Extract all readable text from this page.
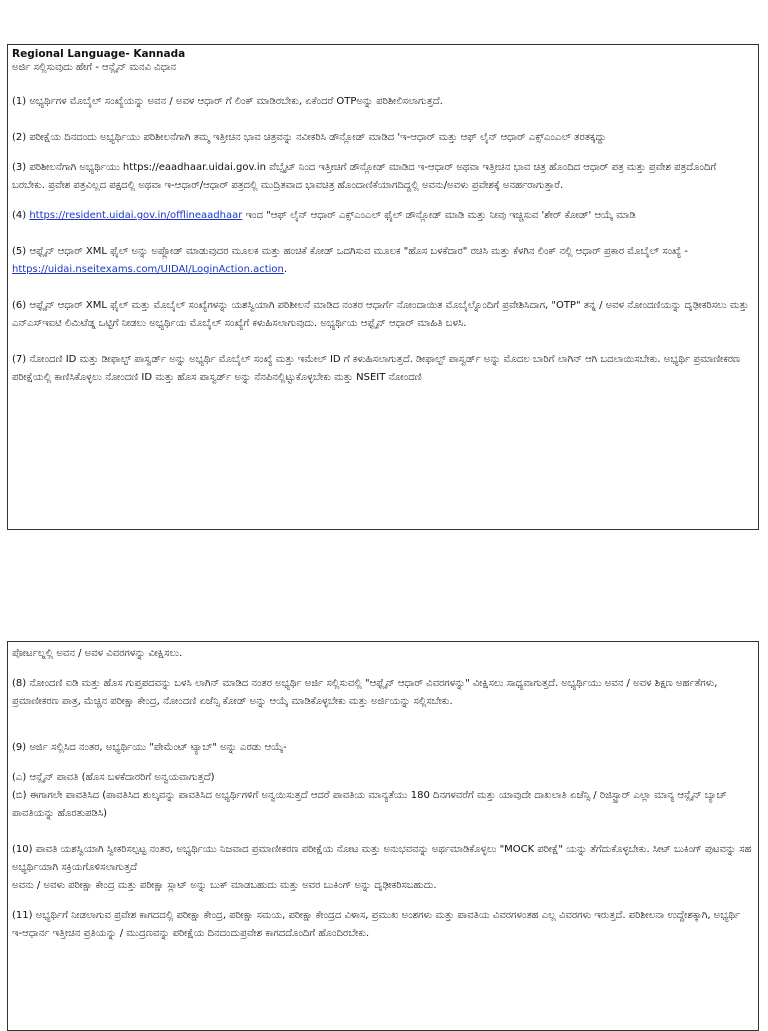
Regional Language- Kannada

ಅರ್ಜಿ ಸಲ್ಲಿಸುವುದು ಹೇಗೆ - ಆನ್ಲೈನ್ ಮನವಿ ವಿಧಾನ

(1) ಅಭ್ಯರ್ಥಿಗಳ ಮೊಬೈಲ್ ಸಂಖ್ಯೆಯನ್ನು ಅವನ / ಅವಳ ಆಧಾರ್ ಗೆ ಲಿಂಕ್ ಮಾಡಿರಬೇಕು, ಏಕೆಂದರೆ OTPಅನ್ನು ಪರಿಶೀಲಿಸಲಾಗುತ್ತದೆ.

(2) ಪರೀಕ್ಷೆಯ ದಿನದಂದು ಅಭ್ಯರ್ಥಿಯು ಪರಿಶೀಲನೆಗಾಗಿ ತಮ್ಮ ಇತ್ತೀಚಿನ ಭಾವ ಚಿತ್ರವನ್ನು ನವೀಕರಿಸಿ ಡೌನ್ಲೋಡ್ ಮಾಡಿದ 'ಇ-ಆಧಾರ್ ಮತ್ತು ಆಫ್ ಲೈನ್ ಆಧಾರ್ ಎಕ್ಸ್ಎಂಎಲ್ ತರತಕ್ಕದ್ದು

(3) ಪರಿಶೀಲನೆಗಾಗಿ ಅಭ್ಯರ್ಥಿಯು https://eaadhaar.uidai.gov.in ವೆಬ್ಸೈಟ್ ನಿಂದ ಇತ್ತೀಚಿಗೆ ಡೌನ್ಲೋಡ್ ಮಾಡಿದ ಇ-ಆಧಾರ್ ಅಥವಾ ಇತ್ತೀಚಿನ ಭಾವ ಚಿತ್ರ ಹೊಂದಿದ ಆಧಾರ್ ಪತ್ರ ಮತ್ತು ಪ್ರವೇಶ ಪತ್ರದೊಂದಿಗೆ ಬರಬೇಕು. ಪ್ರವೇಶ ಪತ್ರವಿಲ್ಲದ ಪಕ್ಷದಲ್ಲಿ ಅಥವಾ ಇ-ಆಧಾರ್/ಆಧಾರ್ ಪತ್ರದಲ್ಲಿ ಮುದ್ರಿತವಾದ ಭಾವಚಿತ್ರ ಹೊಂದಾಣಿಕೆಯಾಗದಿದ್ದಲ್ಲಿ ಅವನು/ಅವಳು ಪ್ರವೇಶಕ್ಕೆ ಅನರ್ಹರಾಗುತ್ತಾರೆ.

(4) https://resident.uidai.gov.in/offlineaadhaar ಇಂದ "ಆಫ್ ಲೈನ್ ಆಧಾರ್ ಎಕ್ಸ್ಎಂಎಲ್ ಫೈಲ್ ಡೌನ್ಲೋಡ್ ಮಾಡಿ ಮತ್ತು ನೀವು ಇಚ್ಚಿಸುವ 'ಶೇರ್ ಕೋಡ್' ಆಯ್ಕೆ ಮಾಡಿ

(5) ಆಫ್ಲೈನ್ ಆಧಾರ್ XML ಫೈಲ್ ಅನ್ನು ಅಪ್ಲೋಡ್ ಮಾಡುವುದರ ಮೂಲಕ ಮತ್ತು ಹಂಚಿಕೆ ಕೋಡ್ ಒದಗಿಸುವ ಮೂಲಕ "ಹೊಸ ಬಳಕೆದಾರ" ರಚಿಸಿ ಮತ್ತು ಕೆಳಗಿನ ಲಿಂಕ್ ನಲ್ಲಿ ಆಧಾರ್ ಪ್ರಕಾರ ಮೊಬೈಲ್ ಸಂಖ್ಯೆ -https://uidai.nseitexams.com/UIDAI/LoginAction.action.

(6) ಆಫ್ಲೈನ್ ಆಧಾರ್ XML ಫೈಲ್ ಮತ್ತು ಮೊಬೈಲ್ ಸಂಖ್ಯೆಗಳನ್ನು ಯಶಸ್ವಿಯಾಗಿ ಪರಿಶೀಲನೆ ಮಾಡಿದ ನಂತರ ಆಧಾರ್ಗೆ ನೋಂದಾಯಿತ ಮೊಬೈಲ್ನೊಂದಿಗೆ ಪ್ರವೇಶಿಸಿದಾಗ, "OTP" ತನ್ನ / ಅವಳ ನೋಂದಣಿಯನ್ನು ದೃಢೀಕರಿಸಲು ಮತ್ತು ಎನ್ಎಸ್ಇಐಟಿ ಲಿಮಿಟೆಡ್ನ ಒಟ್ಟಿಗೆ ನೀಡಲು ಅಭ್ಯರ್ಥಿಯ ಮೊಬೈಲ್ ಸಂಖ್ಯೆಗೆ ಕಳುಹಿಸಲಾಗುವುದು. ಅಭ್ಯರ್ಥಿಯ ಆಫ್ಲೈನ್ ಆಧಾರ್ ಮಾಹಿತಿ ಬಳಸಿ.

(7) ನೋಂದಣಿ ID ಮತ್ತು ಡೀಫಾಲ್ಟ್ ಪಾಸ್ವರ್ಡ್ ಅನ್ನು ಅಭ್ಯರ್ಥಿ ಮೊಬೈಲ್ ಸಂಖ್ಯೆ ಮತ್ತು ಇಮೇಲ್ ID ಗೆ ಕಳುಹಿಸಲಾಗುತ್ತದೆ. ಡೀಫಾಲ್ಟ್ ಪಾಸ್ವರ್ಡ್ ಅನ್ನು ಮೊದಲ ಬಾರಿಗೆ ಲಾಗಿನ್ ಆಗಿ ಬದಲಾಯಿಸಬೇಕು. ಅಭ್ಯರ್ಥಿ ಪ್ರಮಾಣೀಕರಣ ಪರೀಕ್ಷೆಯಲ್ಲಿ ಕಾಣಿಸಿಕೊಳ್ಳಲು ನೋಂದಣಿ ID ಮತ್ತು ಹೊಸ ಪಾಸ್ವರ್ಡ್ ಅನ್ನು ನೆನಪಿನಲ್ಲಿಟ್ಟುಕೊಳ್ಳಬೇಕು ಮತ್ತು NSEIT ನೋಂದಣಿ

ಪೋರ್ಟಲ್ನಲ್ಲಿ ಅವನ / ಅವಳ ವಿವರಗಳನ್ನು ವೀಕ್ಷಿಸಲು.

(8) ನೋಂದಣಿ ಐಡಿ ಮತ್ತು ಹೊಸ ಗುಪ್ತಪದವನ್ನು ಬಳಸಿ ಲಾಗಿನ್ ಮಾಡಿದ ನಂತರ ಅಭ್ಯರ್ಥಿ ಅರ್ಜಿ ಸಲ್ಲಿಸುವಲ್ಲಿ "ಆಫ್ಲೈನ್ ಆಧಾರ್ ವಿವರಗಳನ್ನು" ವೀಕ್ಷಿಸಲು ಸಾಧ್ಯವಾಗುತ್ತದೆ. ಅಭ್ಯರ್ಥಿಯು ಅವನ / ಅವಳ ಶಿಕ್ಷಣ ಅರ್ಹತೆಗಳು, ಪ್ರಮಾಣೀಕರಣ ಪಾತ್ರ, ಮೆಚ್ಚಿನ ಪರೀಕ್ಷಾ ಕೇಂದ್ರ, ನೋಂದಣಿ ಏಜೆನ್ಸಿ ಕೋಡ್ ಅನ್ನು ಆಯ್ಕೆ ಮಾಡಿಕೊಳ್ಳಬೇಕು ಮತ್ತು ಅರ್ಜಿಯನ್ನು ಸಲ್ಲಿಸಬೇಕು.

(9) ಅರ್ಜಿ ಸಲ್ಲಿಸಿದ ನಂತರ, ಅಭ್ಯರ್ಥಿಯು "ಪೇಮೆಂಟ್ ಟ್ಯಾಬ್" ಅನ್ನು ಎರಡು ಆಯ್ಕೆ-

(ಎ) ಆನ್ಲೈನ್ ಪಾವತಿ (ಹೊಸ ಬಳಕೆದಾರರಿಗೆ ಅನ್ವಯವಾಗುತ್ತದೆ)

(ಬಿ) ಈಗಾಗಲೇ ಪಾವತಿಸಿದ (ಪಾವತಿಸಿದ ಶುಲ್ಕವನ್ನು ಪಾವತಿಸಿದ ಅಭ್ಯರ್ಥಿಗಳಿಗೆ ಅನ್ವಯಿಸುತ್ತದೆ ಆದರೆ ಪಾವತಿಯ ಮಾನ್ಯತೆಯು 180 ದಿನಗಳವರೆಗೆ ಮತ್ತು ಯಾವುದೇ ದಾಖಲಾತಿ ಏಜೆನ್ಸಿ / ರಿಜಿಸ್ಟ್ರಾರ್ ಎಲ್ಲಾ ಮಾನ್ಯ ಆನ್ಲೈನ್ ಬ್ಯಾಚ್ ಪಾವತಿಯನ್ನು ಹೊರತುಪಡಿಸಿ)

(10) ಪಾವತಿ ಯಶಸ್ವಿಯಾಗಿ ಸ್ವೀಕರಿಸಲ್ಪಟ್ಟ ನಂತರ, ಅಭ್ಯರ್ಥಿಯು ನಿಜವಾದ ಪ್ರಮಾಣೀಕರಣ ಪರೀಕ್ಷೆಯ ನೋಟ ಮತ್ತು ಅನುಭವವನ್ನು ಅರ್ಥಮಾಡಿಕೊಳ್ಳಲು "MOCK ಪರೀಕ್ಷೆ" ಯನ್ನು ತೆಗೆದುಕೊಳ್ಳಬೇಕು. ಸೀಟ್ ಬುಕಿಂಗ್ ಪುಟವನ್ನು ಸಹ ಅಭ್ಯರ್ಥಿಯಾಗಿ ಸಕ್ರಿಯಗೊಳಿಸಲಾಗುತ್ತದೆ

ಅವನು / ಅವಳು ಪರೀಕ್ಷಾ ಕೇಂದ್ರ ಮತ್ತು ಪರೀಕ್ಷಾ ಸ್ಲಾಟ್ ಅನ್ನು ಬುಕ್ ಮಾಡಬಹುದು ಮತ್ತು ಅವರ ಬುಕಿಂಗ್ ಅನ್ನು ದೃಢೀಕರಿಸಬಹುದು.

(11) ಅಭ್ಯರ್ಥಿಗೆ ನೀಡಲಾಗುವ ಪ್ರವೇಶ ಕಾಗದದಲ್ಲಿ ಪರೀಕ್ಷಾ ಕೇಂದ್ರ, ಪರೀಕ್ಷಾ ಸಮಯ, ಪರೀಕ್ಷಾ ಕೇಂದ್ರದ ವಿಳಾಸ, ಪ್ರಮುಖ ಅಂಶಗಳು ಮತ್ತು ಪಾವತಿಯ ವಿವರಗಳಂತಹ ಎಲ್ಲ ವಿವರಗಳು ಇರುತ್ತದೆ. ಪರಿಶೀಲನಾ ಉದ್ದೇಶಕ್ಕಾಗಿ, ಅಭ್ಯರ್ಥಿ ಇ-ಆಧಾರ್ನ ಇತ್ತೀಚಿನ ಪ್ರತಿಯನ್ನು / ಮುದ್ರಣವನ್ನು ಪರೀಕ್ಷೆಯ ದಿನದಂದುಪ್ರವೇಶ ಕಾಗದದೊಂದಿಗೆ ಹೊಂದಿರಬೇಕು.
